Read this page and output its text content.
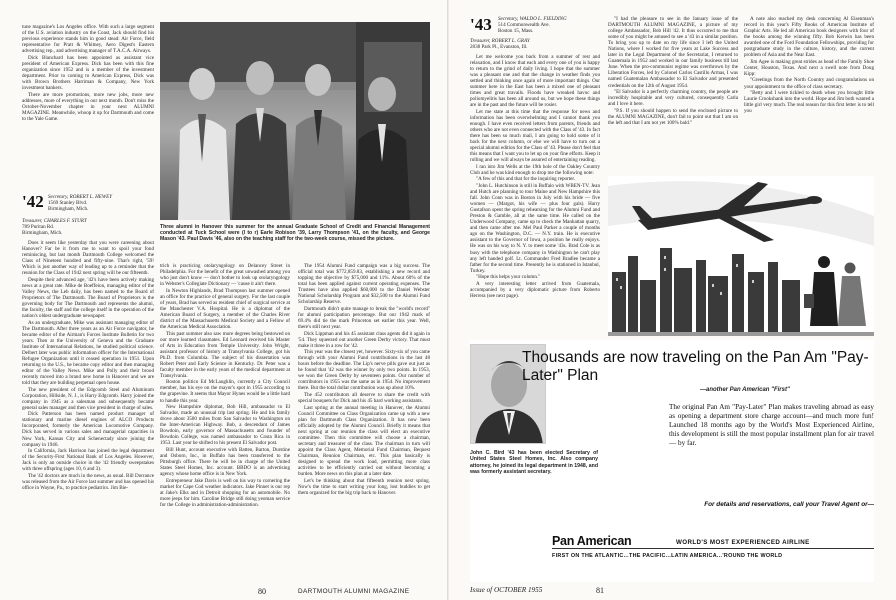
tune magazine's Los Angeles office. With such a large segment of the U.S. aviation industry on the Coast, Jack should find his previous experience stands him in good stead: Air Force, field representative for Pratt & Whitney, Aero Digest's Eastern advertising rep., and advertising manager of T.A.C.A. Airways.

Dick Blanchard has been appointed as assistant vice president of American Express. Dick has been with this fine organization since 1952 and is a member of the investment department. Prior to coming to American Express, Dick was with Brown Brothers Harriman & Company, New York investment bankers.

There are more promotions, more new jobs, more new addresses, more of everything in our next month. Don't miss the October-November chapter in your next ALUMNI MAGAZINE. Meanwhile, whoop it up for Dartmouth and come to the Yale Game.

'42 Secretary, ROBERT L. HEWEY
1569 Stanley Blvd.
Birmingham, Mich.
Treasurer, CHARLES F. STURT
789 Puritan Rd.
Birmingham, Mich.

Does it seem like yesterday that you were careening about Hanover? Far be it from me to want to spoil your fond reminiscing, but last month Dartmouth College welcomed the Class of Nineteen hundred and fifty-nine. That's right, '59! Which is just another way of leading up to a reminder that the reunion for the Class of 1942 next spring will be our fifteenth.

Despite their advanced age, '42's have been actively making news at a great rate. Mike de Boeffeion, managing editor of the Valley News, the Leb daily, has been named to the Board of Proprietors of The Dartmouth. The Board of Proprietors is the governing body for The Dartmouth and represents the alumni, the faculty, the staff and the college itself in the operation of the nation's oldest undergraduate newspaper.

As an undergraduate, Mike was assistant managing editor of The Dartmouth. After three years as an Air Force navigator, he became editor of the Airman's Forces Institute Bulletin for two years. Then at the University of Geneva and the Graduate Institute of International Relations, he studied political science. Delbert later was public information officer for the International Refugee Organization until it ceased operation in 1951. Upon returning to the U.S., he became copy editor and then managing editor of the Valley News. Mike and Polly and their brood recently moved into a brand new home in Hanover and we are told that they are building perpetual open house.

The new president of the Edgcomb Steel and Aluminum Corporation, Hillside, N. J., is Harry Edgcomb. Harry joined the company in 1945 as a salesman and subsequently became general sales manager and then vice president in charge of sales.

Dick Patterson has been named product manager of stationary and marine diesel engines of ALCO Products Incorporated, formerly the American Locomotive Company. Dick has served in various sales and managerial capacities in New York, Kansas City and Schenectady since joining the company in 1946.

In California, Jack Harrison has joined the legal department of the Security-First National Bank of Los Angeles. However, Jack is only an outside choice in the '42 friendly sweepstakes with three offspring (ages 10, 6 and 3).

The '42 doctors are much in the news, as usual. Bill Dorrance was released from the Air Force last summer and has opened his office in Wayne, Pa., to practice pediatrics. Jim Bie-

Three alumni in Hanover this summer for the annual Graduate School of Credit and Financial Management conducted at Tuck School were (l to r) Earle Robison '39, Larry Thompson '41, on the faculty, and George Mason '43. Paul Davis '46, also on the teaching staff for the two-week course, missed the picture.

trich is practicing otolaryngology on Delancey Street in Philadelphia. For the benefit of the great unwashed among you who just don't know — don't bother to look up otolaryngology in Webster's Collegiate Dictionary — 'cause it ain't there.

In Newton Highlands, Brad Thompson last summer opened an office for the practice of general surgery. For the last couple of years, Brad has served as resident chief of surgical service at the Manchester V.A. Hospital. He is a diplomat of the American Board of Surgery, a member of the Charles River district of the Massachusetts Medical Society and a Fellow of the American Medical Association.

This past summer also saw more degrees being bestowed on our more learned classmates. Ed Leonard received his Master of Arts in Education from Temple University. John Wright, assistant professor of history at Transylvania College, got his Ph.D. from Columbia. The subject of his dissertation was Robert Peter and Early Science in Kentucky. Dr. Peter was a faculty member in the early years of the medical department at Transylvania.

Boston politico Ed McLaughlin, currently a City Council member, has his eye on the mayor's spot in 1955 according to the grapevine. It seems that Mayor Hynes would be a little hard to handle this year.

New Hampshire diplomat, Bob Hill, ambassador to El Salvador, made an unusual trip last spring. He and his family drove about 3500 miles from San Salvador to Washington on the Inter-American Highway. Bob, a descendant of James Bowdoin, early governor of Massachusetts and founder of Bowdoin College, was named ambassador to Costa Rica in 1953. Last year he shifted to his present El Salvador post.

Bill Hunt, account executive with Batten, Barton, Durstine and Osborn, Inc., in Buffalo has been transferred to the Pittsburgh office. There he will be in charge of the United States Steel Homes, Inc. account. BBDO is an advertising agency whose home office is in New York.

Entrepreneur Jake Davis is well on his way to cornering the market for Cape Cod weather indicators. Jake Pinnet is our rep at Jake's Elks and in Detroit shopping for an automobile. No more jeeps for him. Caroline Bridge still doing yeoman service for the College in administration-administration.

The 1954 Alumni Fund campaign was a big success. The official total was $772,859.83, establishing a new record and topping the objective by $75,000 and 11%. About 60% of the total has been applied against current operating expenses. The Trustees have also applied $60,000 to the Daniel Webster National Scholarship Program and $32,500 to the Alumni Fund Scholarship Reserve.

Dartmouth didn't quite manage to break the "world's record" for alumni participation percentage. But our 1942 mark of 69.4% did tie the mark Princeton set earlier this year. Well, there's still next year.

Dick Lippman and his 45 assistant class agents did it again in '54. They squeezed out another Green Derby victory. That must make it three in a row for '42.

This year was the closest yet, however. Sixty-six of you came through with your Alumni Fund contributions in the last 48 hours before the deadline. The Lip's nerve pills gave out just as he found that '42 was the winner by only two points. In 1953, we won the Green Derby by seventeen points. Our number of contributors in 1955 was the same as in 1954. No improvement there. But the total dollar contribution was up about 10%.

The 452 contributors all deserve to share the credit with special bouquets for Dick and his 45 hard working assistants.

Last spring at the annual meeting in Hanover, the Alumni Council Committee on Class Organization came up with a new plan for Dartmouth Class Organization. It has now been officially adopted by the Alumni Council. Briefly it means that next spring at our reunion the class will elect an executive committee. Then this committee will choose a chairman, secretary and treasurer of the class. The chairman in turn will appoint the Class Agent, Memorial Fund Chairman, Bequest Chairman, Reunion Chairman, etc. This plan basically is designed to spread the work load, permitting more class activities to be efficiently carried out without becoming a burden. More news on this plan at a later date.

Let's be thinking about that fifteenth reunion next spring. Now's the time to start writing your long, lost buddies to get them organized for the big trip back to Hanover.

80	DARTMOUTH ALUMNI MAGAZINE
'43 Secretary, WALDO L. FIELDING
514 Commonwealth Ave.
Boston 15, Mass.
Treasurer, ROBERT L. GRAY
2838 Park Pl., Evanston, Ill.

Let me welcome you back from a summer of rest and relaxation, and I know that each and every one of you is happy to return to the grind of daily living. I hope that the summer was a pleasant one and that the change in weather finds you settled and thinking once again of more important things. Our summer here in the East has been a mixed one of pleasant times and great travails. Floods have wreaked havoc and poliomyelitis has been all around us, but we hope these things are in the past and the future will be rosier.

Let me state at this time that the response for news and information has been overwhelming and I cannot thank you enough. I have even received letters from parents, friends and others who are not even connected with the Class of '43. In fact there has been so much mail, I am going to hold some of it back for the next column, or else we will have to turn out a special alumni edition for the Class of '43. Please don't feel that this means that I want you to let up on your fine efforts. Keep it rolling and we will always be assured of entertaining reading.

I ran into Jim Wells at the 19th hole of the Oakley Country Club and he was kind enough to drop me the following note:

"A few of this and that for the inquiring reporter.

"John L. Hutchinson is still in Buffalo with WBEN-TV. Jean and Hutch are planning to tour Maine and New Hampshire this fall. John Conn was in Boston in July with his bride — five women — (Margot, his wife — plus four gals). Harry Gustafson spent the spring rehearsing for the Alumni Fund and Preston & Gamble, all at the same time. He called on the Underwood Company, came up to check the Manhattan quarry, and then came after me. Mel Paul Parker a couple of months ago on the Washington, D.C. — N.Y. train. He is executive assistant to the Governor of Iowa, a position he really enjoys. He was on his way to N. Y. to meet some '43s. Brad Cole is as busy with the telephone company in Washington he can't play any left handed golf. Lt. Commander Fred Bradlee became a father for the second time. Presently he is stationed in Istanbul, Turkey.

"Hope this helps your column."

A very interesting letter arrived from Guatemala, accompanied by a very diplomatic picture from Roberto Herrera (see next page).

"I had the pleasure to see in the January issue of the DARTMOUTH ALUMNI MAGAZINE, a picture of my college Ambassador, Bob Hill '42. It thus occurred to me that some of you might be amused to see a '43 in a similar position. To bring you up to date on my life since I left the United Nations, where I worked for five years at Lake Success and later in the Legal Department of the Secretariat, I returned to Guatemala in 1952 and worked in our family business till last June. When the pro-communist regime was overthrown by the Liberation Forces, led by Colonel Carlos Castillo Armas, I was named Guatemalan Ambassador to El Salvador and presented credentials on the 12th of August 1954.

"El Salvador is a perfectly charming country, the people are incredibly hospitable and very cultured, consequently Carla and I love it here.

"P.S. If you should happen to send the enclosed picture to the ALUMNI MAGAZINE, don't fail to point out that I am on the left and that I am not yet 100% bald."

A note also reached my desk concerning Al Eisenman's record in this year's Fifty Books of American Institute of Graphic Arts. He led all American book designers with four of the books among the winning fifty. Bob Kerwin has been awarded one of the Ford Foundation Fellowships, providing for postgraduate study in the culture, history, and the current problem of Asia and the Near East.

Jim Agee is making great strides as head of the Family Shoe Center, Houston, Texas. And next a swell note from Doug Kipp:

"Greetings from the North Country and congratulations on your appointment to the office of class secretary.

"Betty and I were tickled to death when you brought little Laurie Crookshank into the world. Hope and Jim both wanted a little girl very much. The real reason for this first letter is to tell you

John C. Bird '43 has been elected Secretary of United States Steel Homes, Inc. Also company attorney, he joined its legal department in 1948, and was formerly assistant secretary.
Thousands are now traveling on the Pan Am "Pay-Later" Plan
—another Pan American "First"
The original Pan Am "Pay-Later" Plan makes traveling abroad as easy as opening a department store charge account—and much more fun! Launched 18 months ago by the World's Most Experienced Airline, this development is still the most popular installment plan for air travel — by far.
For details and reservations, call your Travel Agent or—
Pan American	WORLD'S MOST EXPERIENCED AIRLINE
FIRST ON THE ATLANTIC...THE PACIFIC...LATIN AMERICA...'ROUND THE WORLD
Issue of OCTOBER 1955	81
